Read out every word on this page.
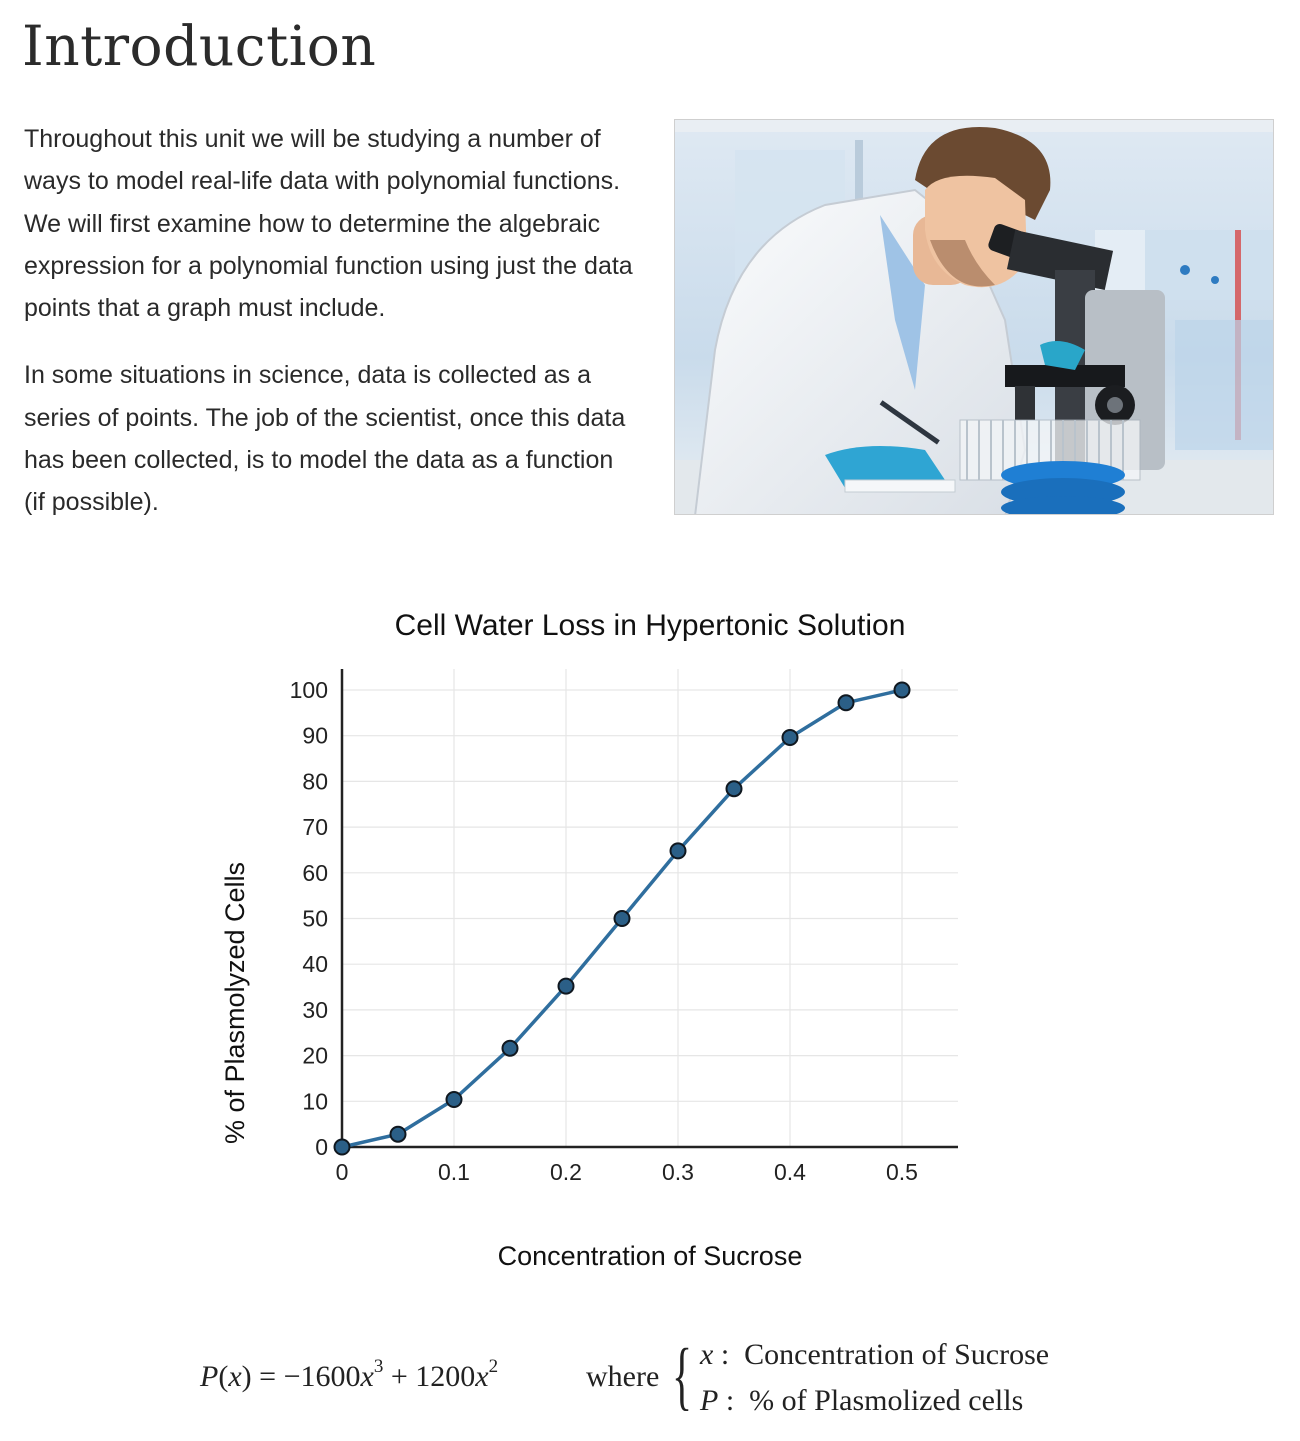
Introduction

Throughout this unit we will be studying a number of ways to model real-life data with polynomial functions. We will first examine how to determine the algebraic expression for a polynomial function using just the data points that a graph must include.

In some situations in science, data is collected as a series of points. The job of the scientist, once this data has been collected, is to model the data as a function (if possible).

Cell Water Loss in Hypertonic Solution
0	0.1	0.2	0.3	0.4	0.5
0
10
20
30
40
50
60
70
80
90
100
Concentration of Sucrose
% of Plasmolyzed Cells
$P(x) = -1600x^3 + 1200x^2$	where { x : Concentration of Sucrose
P : % of Plasmolized cells
